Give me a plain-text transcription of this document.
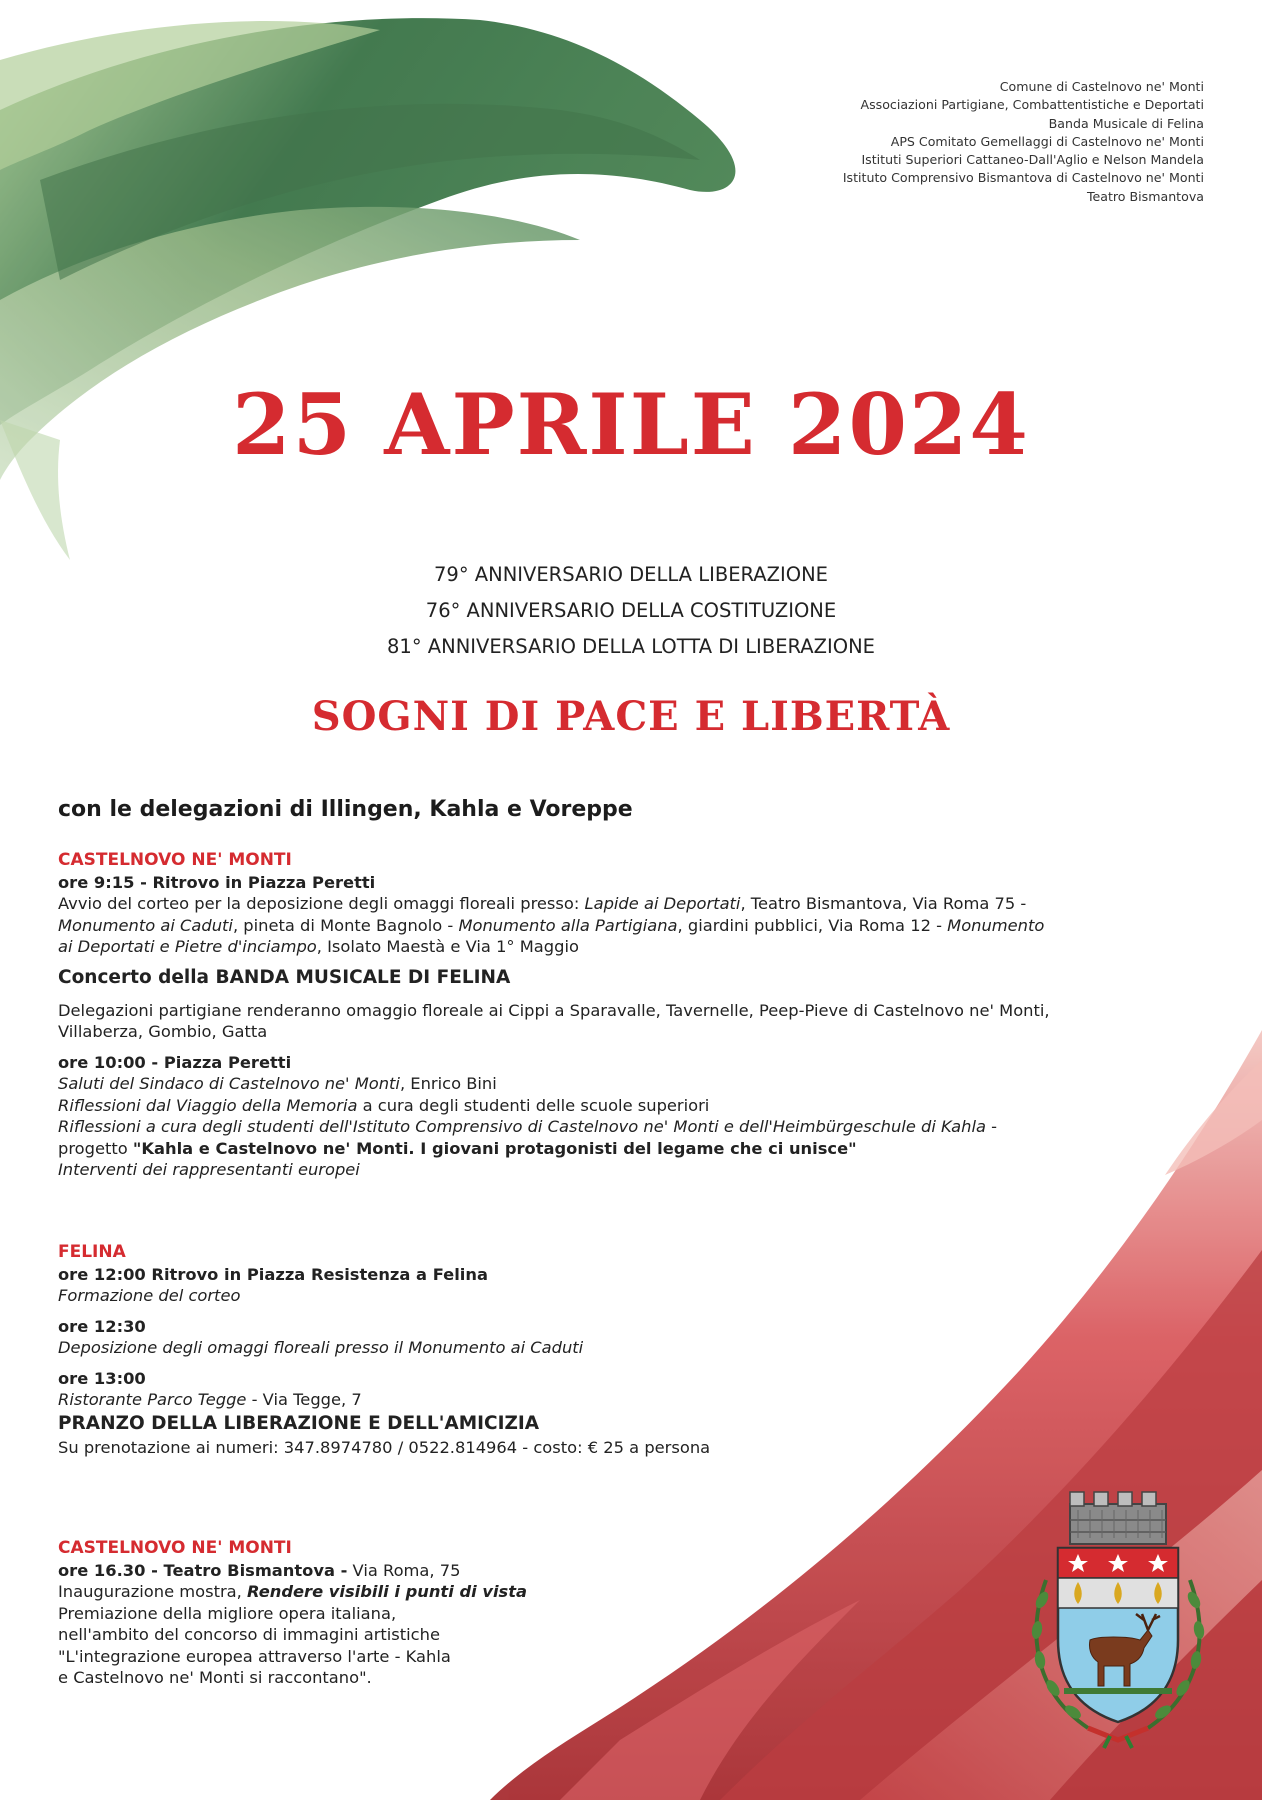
Comune di Castelnovo ne' Monti
Associazioni Partigiane, Combattentistiche e Deportati
Banda Musicale di Felina
APS Comitato Gemellaggi di Castelnovo ne' Monti
Istituti Superiori Cattaneo-Dall'Aglio e Nelson Mandela
Istituto Comprensivo Bismantova di Castelnovo ne' Monti
Teatro Bismantova
25 APRILE 2024
79° ANNIVERSARIO DELLA LIBERAZIONE
76° ANNIVERSARIO DELLA COSTITUZIONE
81° ANNIVERSARIO DELLA LOTTA DI LIBERAZIONE
SOGNI DI PACE E LIBERTÀ
con le delegazioni di Illingen, Kahla e Voreppe
CASTELNOVO NE' MONTI
ore 9:15 - Ritrovo in Piazza Peretti
Avvio del corteo per la deposizione degli omaggi floreali presso: Lapide ai Deportati, Teatro Bismantova, Via Roma 75 -
Monumento ai Caduti, pineta di Monte Bagnolo - Monumento alla Partigiana, giardini pubblici, Via Roma 12 - Monumento
ai Deportati e Pietre d'inciampo, Isolato Maestà e Via 1° Maggio
Concerto della BANDA MUSICALE DI FELINA
Delegazioni partigiane renderanno omaggio floreale ai Cippi a Sparavalle, Tavernelle, Peep-Pieve di Castelnovo ne' Monti,
Villaberza, Gombio, Gatta
ore 10:00 - Piazza Peretti
Saluti del Sindaco di Castelnovo ne' Monti, Enrico Bini
Riflessioni dal Viaggio della Memoria a cura degli studenti delle scuole superiori
Riflessioni a cura degli studenti dell'Istituto Comprensivo di Castelnovo ne' Monti e dell'Heimbürgeschule di Kahla -
progetto "Kahla e Castelnovo ne' Monti. I giovani protagonisti del legame che ci unisce"
Interventi dei rappresentanti europei
FELINA
ore 12:00 Ritrovo in Piazza Resistenza a Felina
Formazione del corteo
ore 12:30
Deposizione degli omaggi floreali presso il Monumento ai Caduti
ore 13:00
Ristorante Parco Tegge - Via Tegge, 7
PRANZO DELLA LIBERAZIONE E DELL'AMICIZIA
Su prenotazione ai numeri: 347.8974780 / 0522.814964 - costo: € 25 a persona
CASTELNOVO NE' MONTI
ore 16.30 - Teatro Bismantova - Via Roma, 75
Inaugurazione mostra, Rendere visibili i punti di vista
Premiazione della migliore opera italiana,
nell'ambito del concorso di immagini artistiche
"L'integrazione europea attraverso l'arte - Kahla
e Castelnovo ne' Monti si raccontano".
